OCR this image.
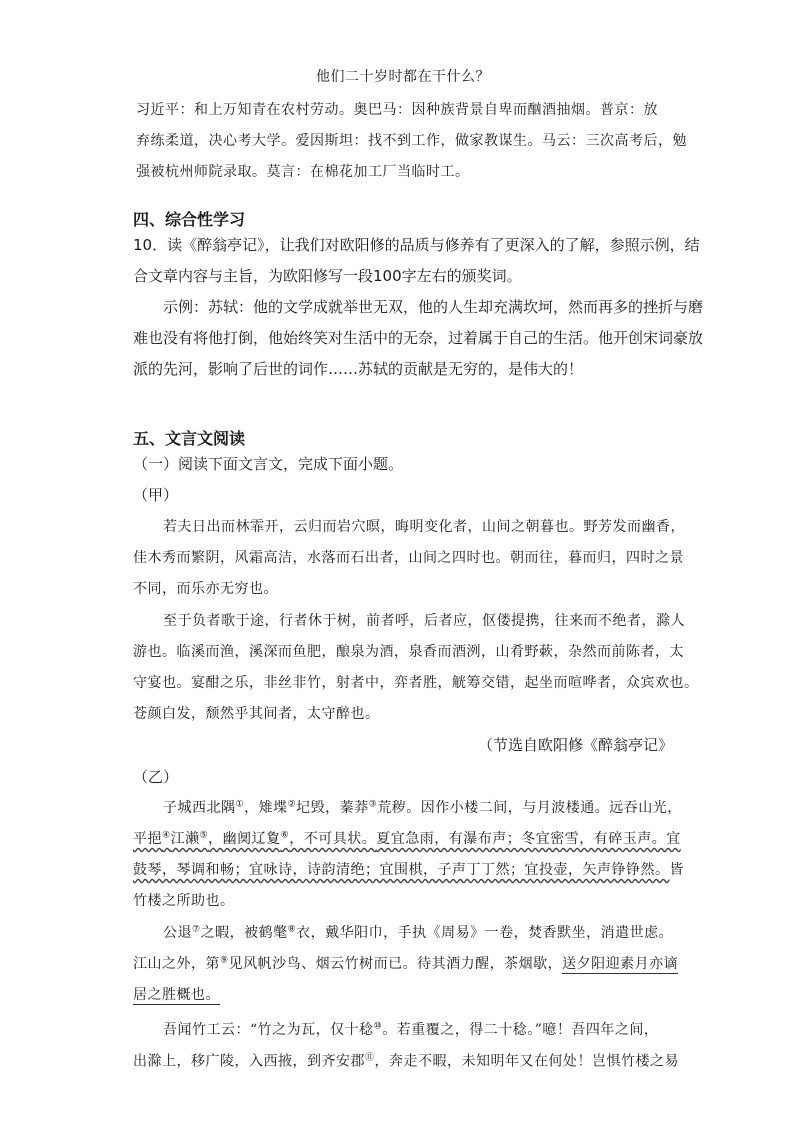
他们二十岁时都在干什么？
习近平：和上万知青在农村劳动。奥巴马：因种族背景自卑而酗酒抽烟。普京：放
弃练柔道，决心考大学。爱因斯坦：找不到工作，做家教谋生。马云：三次高考后，勉
强被杭州师院录取。莫言：在棉花加工厂当临时工。
四、综合性学习
10．读《醉翁亭记》，让我们对欧阳修的品质与修养有了更深入的了解，参照示例，结
合文章内容与主旨，为欧阳修写一段100字左右的颁奖词。
示例：苏轼：他的文学成就举世无双，他的人生却充满坎坷，然而再多的挫折与磨
难也没有将他打倒，他始终笑对生活中的无奈，过着属于自己的生活。他开创宋词豪放
派的先河，影响了后世的词作……苏轼的贡献是无穷的，是伟大的！
五、文言文阅读
（一）阅读下面文言文，完成下面小题。
（甲）
若夫日出而林霏开，云归而岩穴暝，晦明变化者，山间之朝暮也。野芳发而幽香，
佳木秀而繁阴，风霜高洁，水落而石出者，山间之四时也。朝而往，暮而归，四时之景
不同，而乐亦无穷也。
至于负者歌于途，行者休于树，前者呼，后者应，伛偻提携，往来而不绝者，滁人
游也。临溪而渔，溪深而鱼肥，酿泉为酒，泉香而酒洌，山肴野蔌，杂然而前陈者，太
守宴也。宴酣之乐，非丝非竹，射者中，弈者胜，觥筹交错，起坐而喧哗者，众宾欢也。
苍颜白发，颓然乎其间者，太守醉也。
（节选自欧阳修《醉翁亭记》
（乙）
子城西北隅①，雉堞②圮毁，蓁莽③荒秽。因作小楼二间，与月波楼通。远吞山光，
平挹④江濑⑤，幽阒辽夐⑥，不可具状。夏宜急雨，有瀑布声；冬宜密雪，有碎玉声。宜
鼓琴，琴调和畅；宜咏诗，诗韵清绝；宜围棋，子声丁丁然；宜投壶，矢声铮铮然。皆
竹楼之所助也。
公退⑦之暇，被鹤氅⑧衣，戴华阳巾，手执《周易》一卷，焚香默坐，消遣世虑。
江山之外，第⑨见风帆沙鸟、烟云竹树而已。待其酒力醒，茶烟歇，送夕阳迎素月亦谪
居之胜概也。
吾闻竹工云：“竹之为瓦，仅十稔⑩。若重覆之，得二十稔。”噫！吾四年之间，
出滁上，移广陵，入西掖，到齐安郡⑪，奔走不暇，未知明年又在何处！岂惧竹楼之易
